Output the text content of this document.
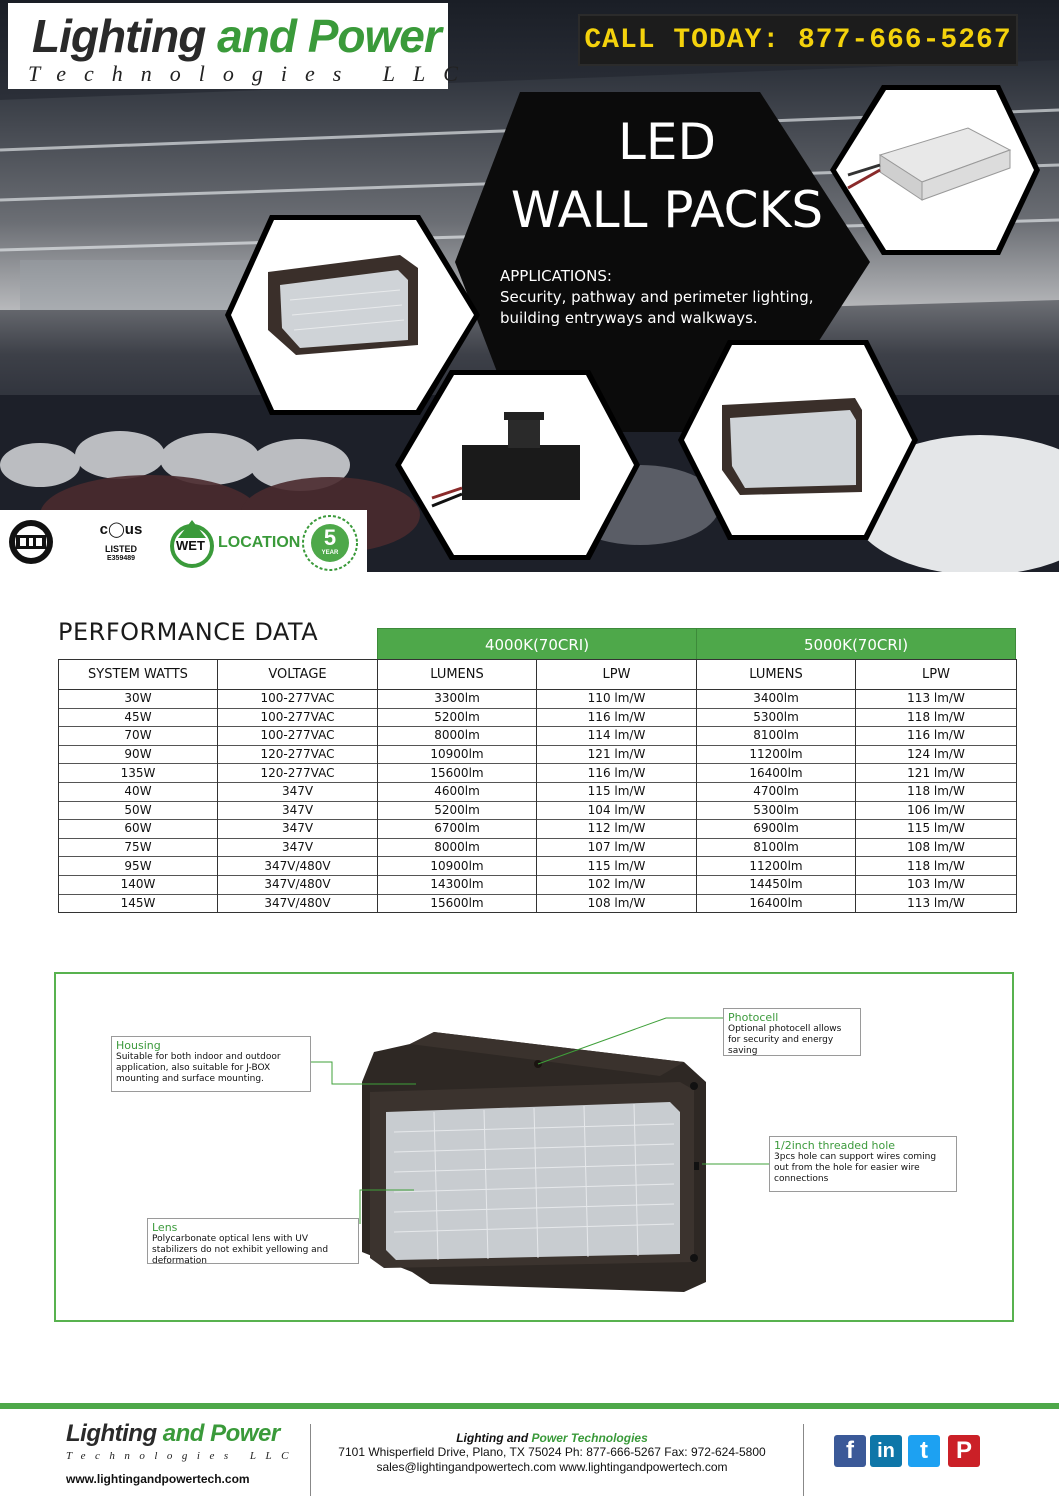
Lighting and Power
Technologies LLC
CALL TODAY: 877-666-5267
LED
WALL PACKS
APPLICATIONS:
Security, pathway and perimeter lighting, building entryways and walkways.
c◯us
LISTED
E359489
WET LOCATION	5
YEAR
PERFORMANCE DATA	4000K(70CRI)	5000K(70CRI)
SYSTEM WATTS	VOLTAGE	LUMENS	LPW	LUMENS	LPW
30W	100-277VAC	3300lm	110 lm/W	3400lm	113 lm/W
45W	100-277VAC	5200lm	116 lm/W	5300lm	118 lm/W
70W	100-277VAC	8000lm	114 lm/W	8100lm	116 lm/W
90W	120-277VAC	10900lm	121 lm/W	11200lm	124 lm/W
135W	120-277VAC	15600lm	116 lm/W	16400lm	121 lm/W
40W	347V	4600lm	115 lm/W	4700lm	118 lm/W
50W	347V	5200lm	104 lm/W	5300lm	106 lm/W
60W	347V	6700lm	112 lm/W	6900lm	115 lm/W
75W	347V	8000lm	107 lm/W	8100lm	108 lm/W
95W	347V/480V	10900lm	115 lm/W	11200lm	118 lm/W
140W	347V/480V	14300lm	102 lm/W	14450lm	103 lm/W
145W	347V/480V	15600lm	108 lm/W	16400lm	113 lm/W
Housing
Suitable for both indoor and outdoor application, also suitable for J-BOX mounting and surface mounting.
Photocell
Optional photocell allows for security and energy saving
1/2inch threaded hole
3pcs hole can support wires coming out from the hole for easier wire connections
Lens
Polycarbonate optical lens with UV stabilizers do not exhibit yellowing and deformation
Lighting and Power
Technologies LLC
www.lightingandpowertech.com
Lighting and Power Technologies
7101 Whisperfield Drive, Plano, TX 75024 Ph: 877-666-5267 Fax: 972-624-5800
sales@lightingandpowertech.com www.lightingandpowertech.com
f	in	t	P
